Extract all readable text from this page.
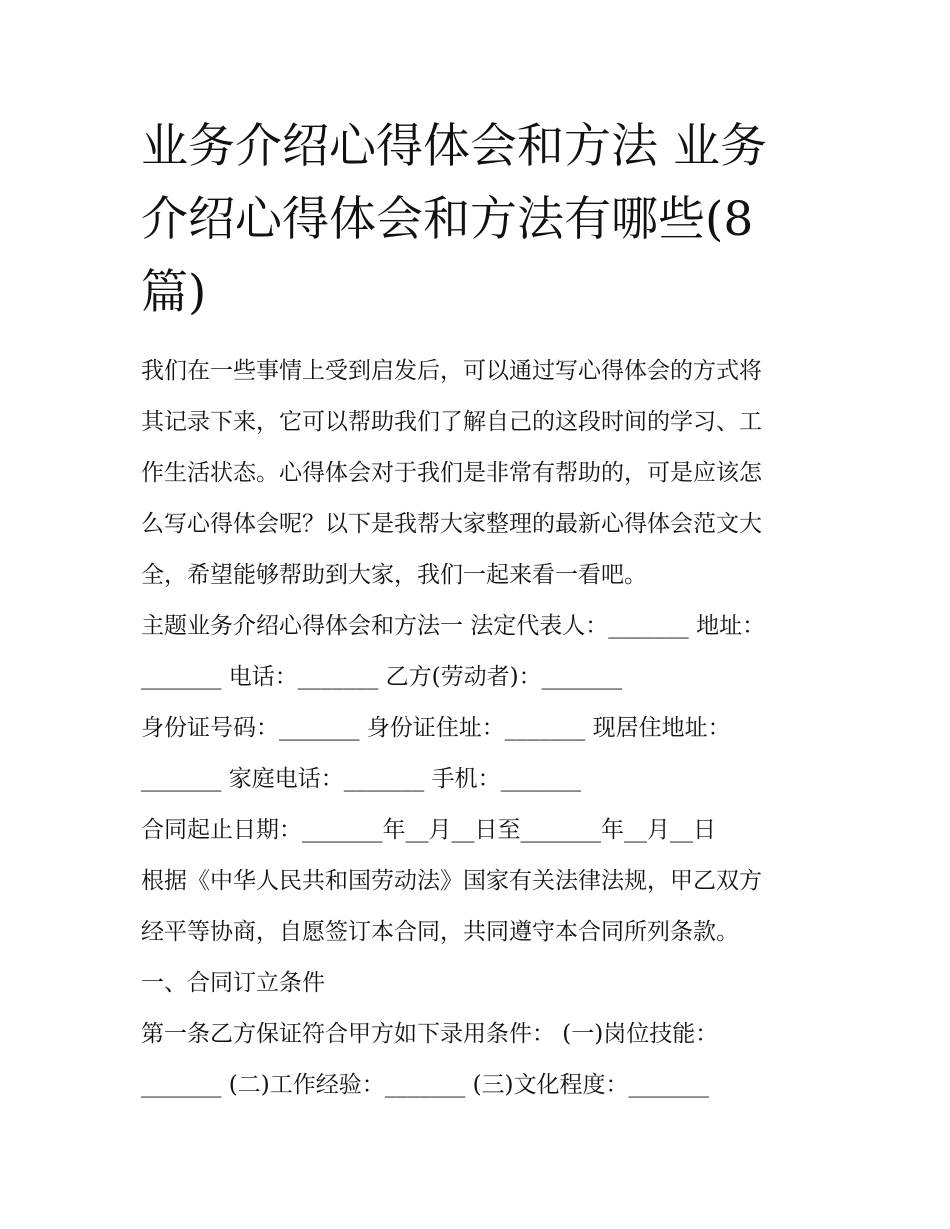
业务介绍心得体会和方法 业务
介绍心得体会和方法有哪些(8
篇)
我们在一些事情上受到启发后，可以通过写心得体会的方式将
其记录下来，它可以帮助我们了解自己的这段时间的学习、工
作生活状态。心得体会对于我们是非常有帮助的，可是应该怎
么写心得体会呢？以下是我帮大家整理的最新心得体会范文大
全，希望能够帮助到大家，我们一起来看一看吧。
主题业务介绍心得体会和方法一 法定代表人：_______ 地址：
_______ 电话：_______ 乙方(劳动者)：_______
身份证号码：_______ 身份证住址：_______ 现居住地址：
_______ 家庭电话：_______ 手机：_______
合同起止日期：_______年__月__日至_______年__月__日
根据《中华人民共和国劳动法》国家有关法律法规，甲乙双方
经平等协商，自愿签订本合同，共同遵守本合同所列条款。
一、合同订立条件
第一条乙方保证符合甲方如下录用条件： (一)岗位技能：
_______ (二)工作经验：_______ (三)文化程度：_______
